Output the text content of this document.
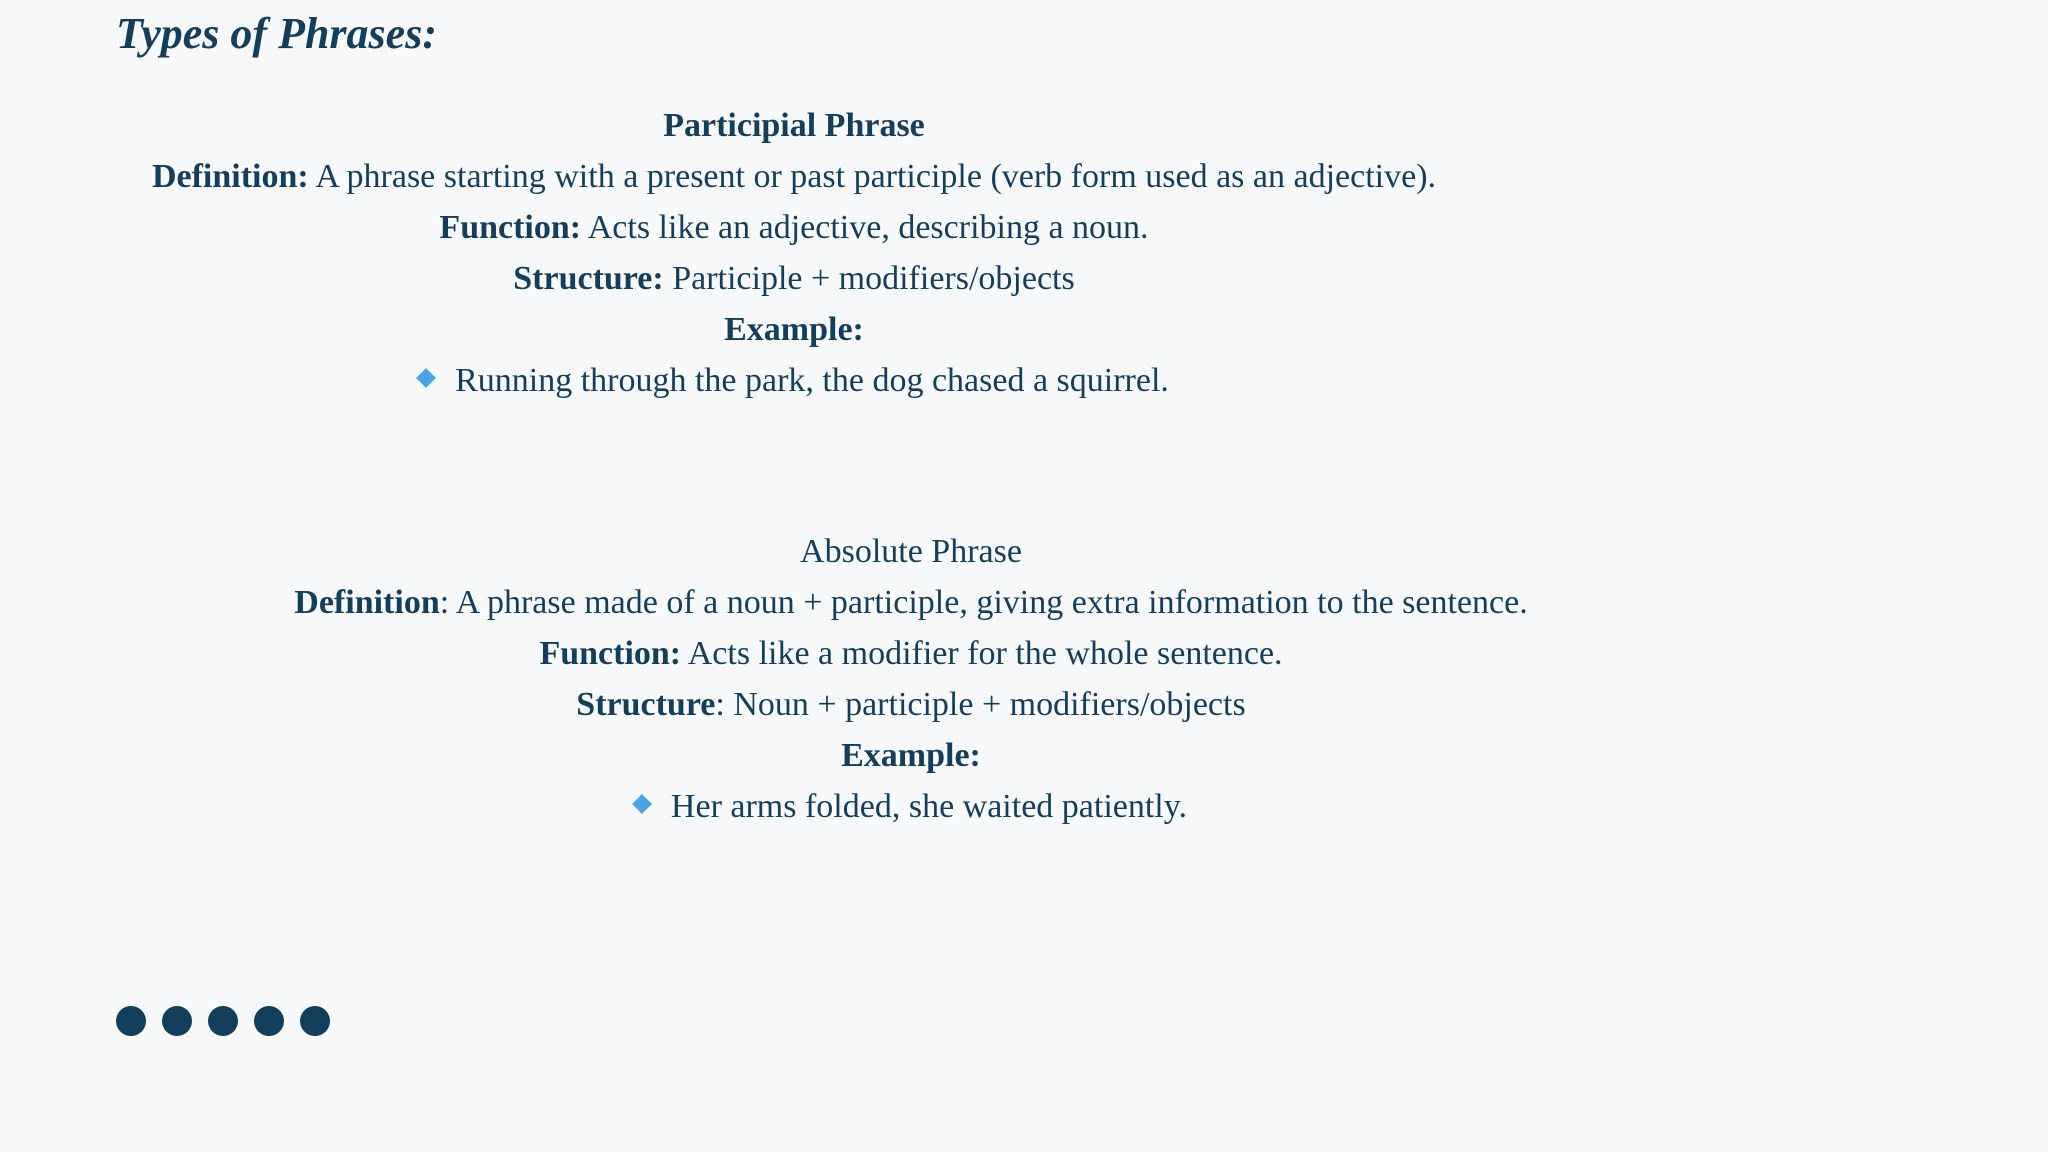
Types of Phrases:
Participial Phrase
Definition: A phrase starting with a present or past participle (verb form used as an adjective).
Function: Acts like an adjective, describing a noun.
Structure: Participle + modifiers/objects
Example:
Running through the park, the dog chased a squirrel.
Absolute Phrase
Definition: A phrase made of a noun + participle, giving extra information to the sentence.
Function: Acts like a modifier for the whole sentence.
Structure: Noun + participle + modifiers/objects
Example:
Her arms folded, she waited patiently.
